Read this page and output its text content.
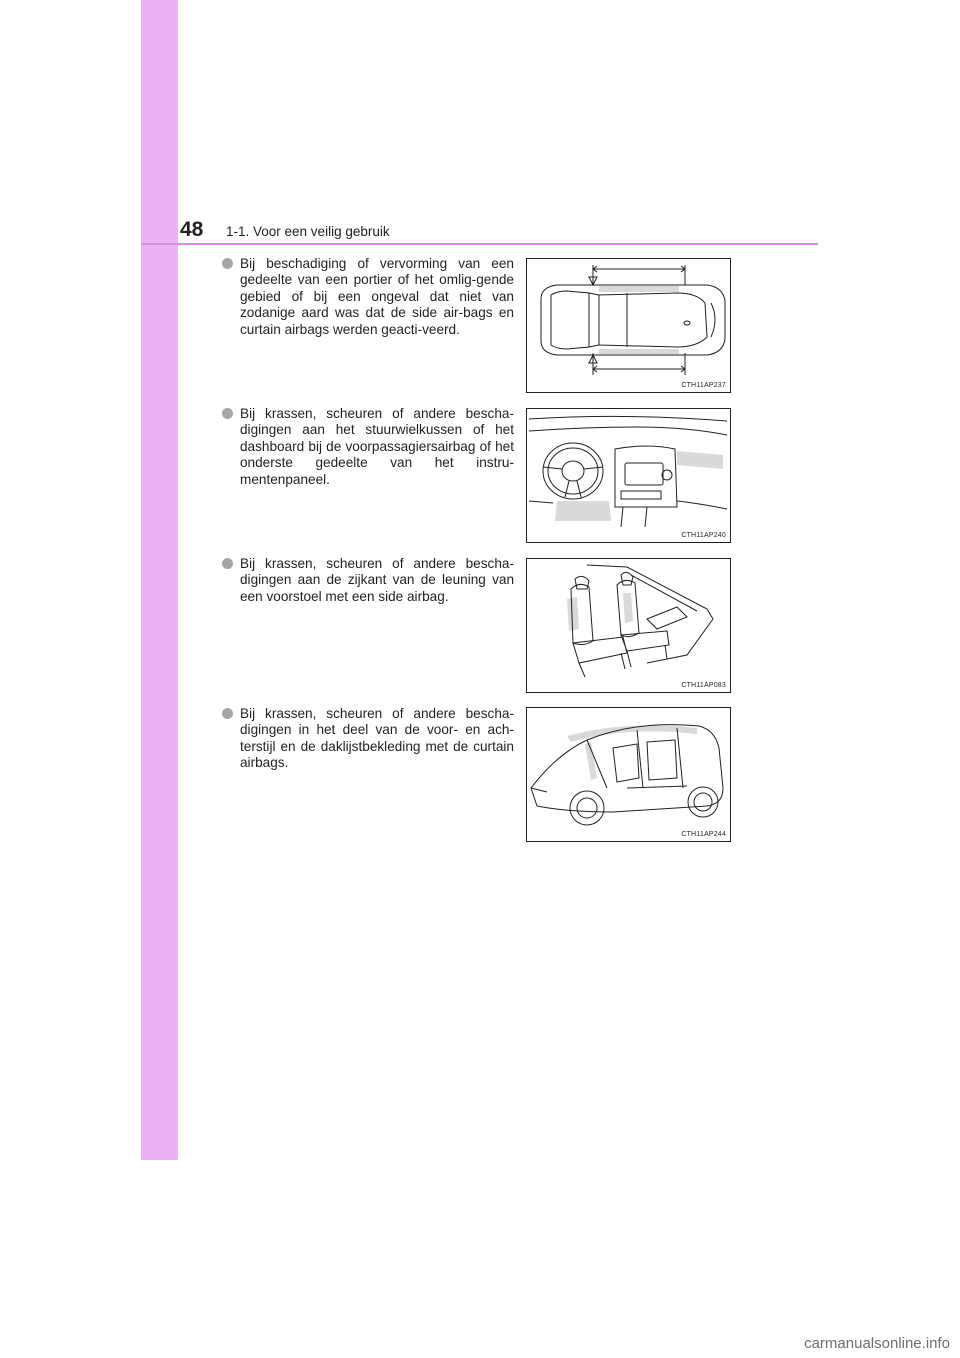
48 1-1. Voor een veilig gebruik

Bij beschadiging of vervorming van een gedeelte van een portier of het omlig-gende gebied of bij een ongeval dat niet van zodanige aard was dat de side air-bags en curtain airbags werden geacti-veerd.

CTH11AP237

Bij krassen, scheuren of andere bescha-digingen aan het stuurwielkussen of het dashboard bij de voorpassagiersairbag of het onderste gedeelte van het instru-mentenpaneel.

CTH11AP240

Bij krassen, scheuren of andere bescha-digingen aan de zijkant van de leuning van een voorstoel met een side airbag.

CTH11AP083

Bij krassen, scheuren of andere bescha-digingen in het deel van de voor- en ach-terstijl en de daklijstbekleding met de curtain airbags.

CTH11AP244
carmanualsonline.info
